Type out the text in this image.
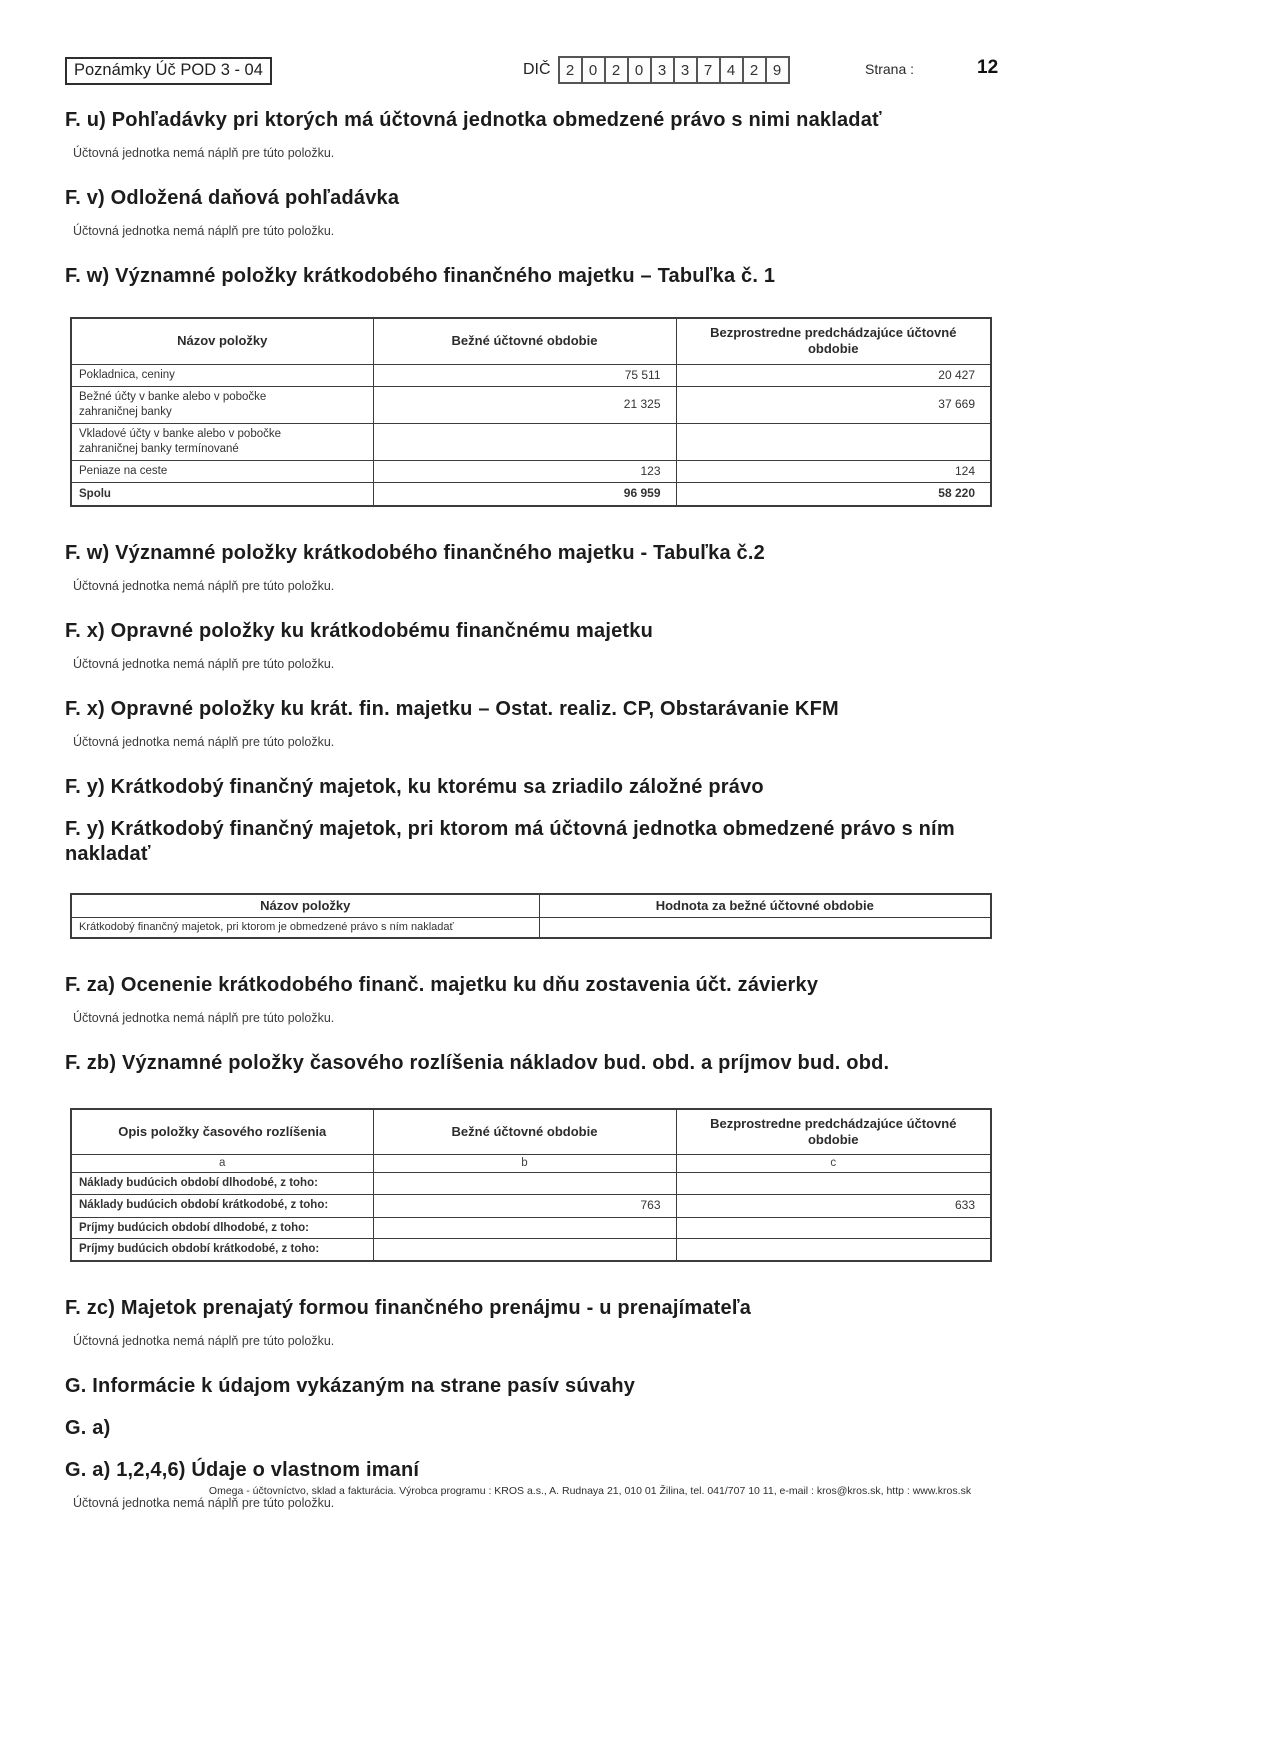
Poznámky Úč POD 3 - 04	DIČ	2 0 2 0 3 3 7 4 2 9	Strana :	12
F. u) Pohľadávky pri ktorých má účtovná jednotka obmedzené právo s nimi nakladať

Účtovná jednotka nemá náplň pre túto položku.

F. v) Odložená daňová pohľadávka

Účtovná jednotka nemá náplň pre túto položku.

F. w) Významné položky krátkodobého finančného majetku – Tabuľka č. 1
Názov položky	Bežné účtovné obdobie	Bezprostredne predchádzajúce účtovné obdobie
Pokladnica, ceniny	75 511	20 427
Bežné účty v banke alebo v pobočke zahraničnej banky	21 325	37 669
Vkladové účty v banke alebo v pobočke zahraničnej banky termínované		
Peniaze na ceste	123	124
Spolu	96 959	58 220
F. w) Významné položky krátkodobého finančného majetku - Tabuľka č.2

Účtovná jednotka nemá náplň pre túto položku.

F. x) Opravné položky ku krátkodobému finančnému majetku

Účtovná jednotka nemá náplň pre túto položku.

F. x) Opravné položky ku krát. fin. majetku – Ostat. realiz. CP, Obstarávanie KFM

Účtovná jednotka nemá náplň pre túto položku.

F. y) Krátkodobý finančný majetok, ku ktorému sa zriadilo záložné právo
F. y) Krátkodobý finančný majetok, pri ktorom má účtovná jednotka obmedzené právo s ním nakladať
Názov položky	Hodnota za bežné účtovné obdobie
Krátkodobý finančný majetok, pri ktorom je obmedzené právo s ním nakladať	
F. za) Ocenenie krátkodobého finanč. majetku ku dňu zostavenia účt. závierky

Účtovná jednotka nemá náplň pre túto položku.

F. zb) Významné položky časového rozlíšenia nákladov bud. obd. a príjmov bud. obd.
Opis položky časového rozlíšenia	Bežné účtovné obdobie	Bezprostredne predchádzajúce účtovné obdobie
a	b	c
Náklady budúcich období dlhodobé, z toho:		
Náklady budúcich období krátkodobé, z toho:	763	633
Príjmy budúcich období dlhodobé, z toho:		
Príjmy budúcich období krátkodobé, z toho:		
F. zc) Majetok prenajatý formou finančného prenájmu - u prenajímateľa

Účtovná jednotka nemá náplň pre túto položku.

G. Informácie k údajom vykázaným na strane pasív súvahy
G. a)
G. a) 1,2,4,6) Údaje o vlastnom imaní

Účtovná jednotka nemá náplň pre túto položku.

Omega - účtovníctvo, sklad a fakturácia. Výrobca programu : KROS a.s., A. Rudnaya 21, 010 01 Žilina, tel. 041/707 10 11, e-mail : kros@kros.sk, http : www.kros.sk
